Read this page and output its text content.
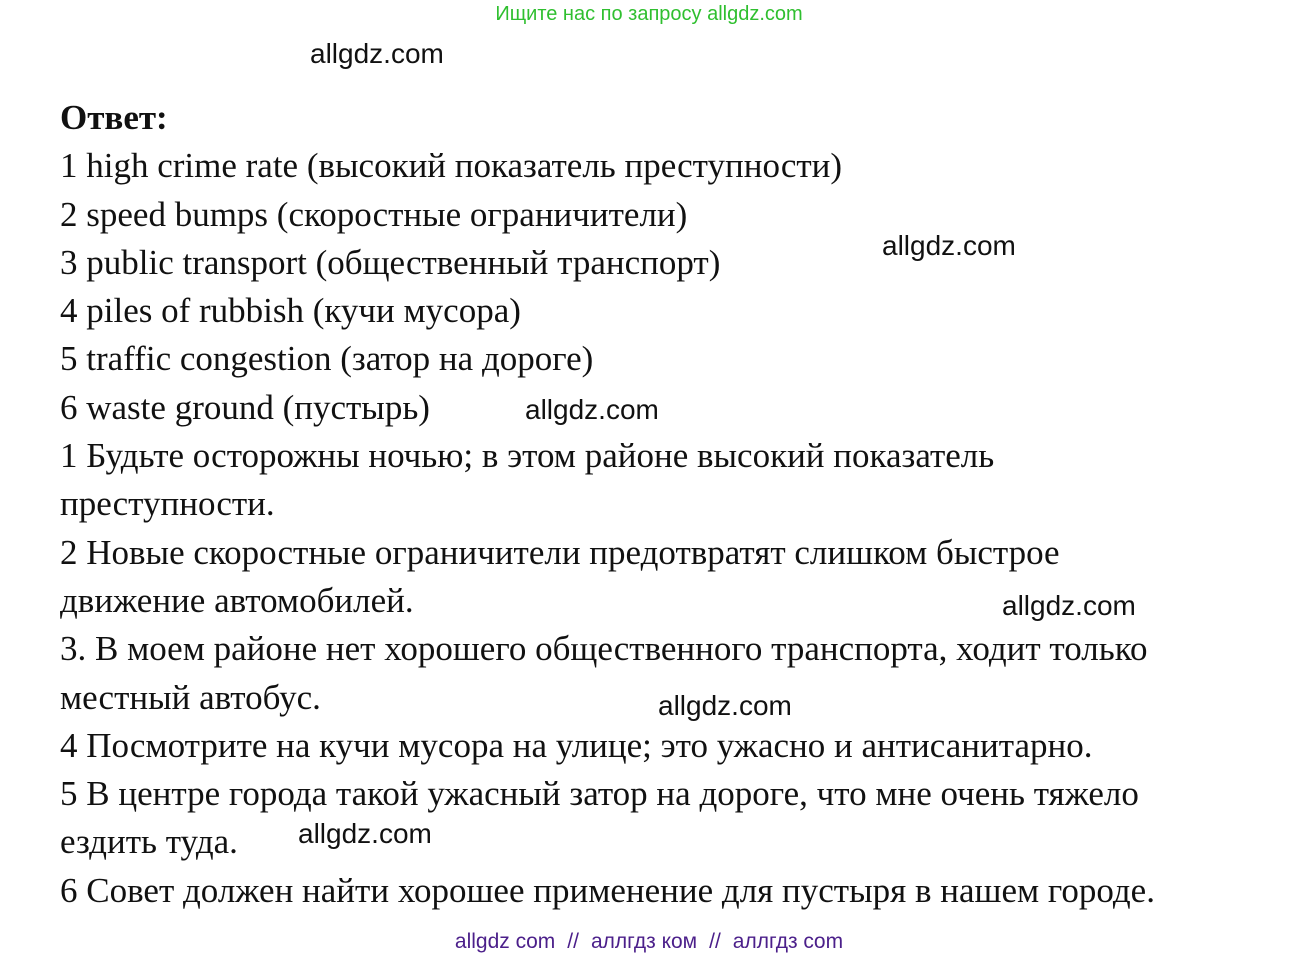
Ищите нас по запросу allgdz.com
allgdz.com
allgdz.com
allgdz.com
allgdz.com
allgdz.com
allgdz.com
Ответ:
1 high crime rate (высокий показатель преступности)
2 speed bumps (скоростные ограничители)
3 public transport (общественный транспорт)
4 piles of rubbish (кучи мусора)
5 traffic congestion (затор на дороге)
6 waste ground (пустырь)
1 Будьте осторожны ночью; в этом районе высокий показатель
преступности.
2 Новые скоростные ограничители предотвратят слишком быстрое
движение автомобилей.
3. В моем районе нет хорошего общественного транспорта, ходит только
местный автобус.
4 Посмотрите на кучи мусора на улице; это ужасно и антисанитарно.
5 В центре города такой ужасный затор на дороге, что мне очень тяжело
ездить туда.
6 Совет должен найти хорошее применение для пустыря в нашем городе.
allgdz com // аллгдз ком // аллгдз com
